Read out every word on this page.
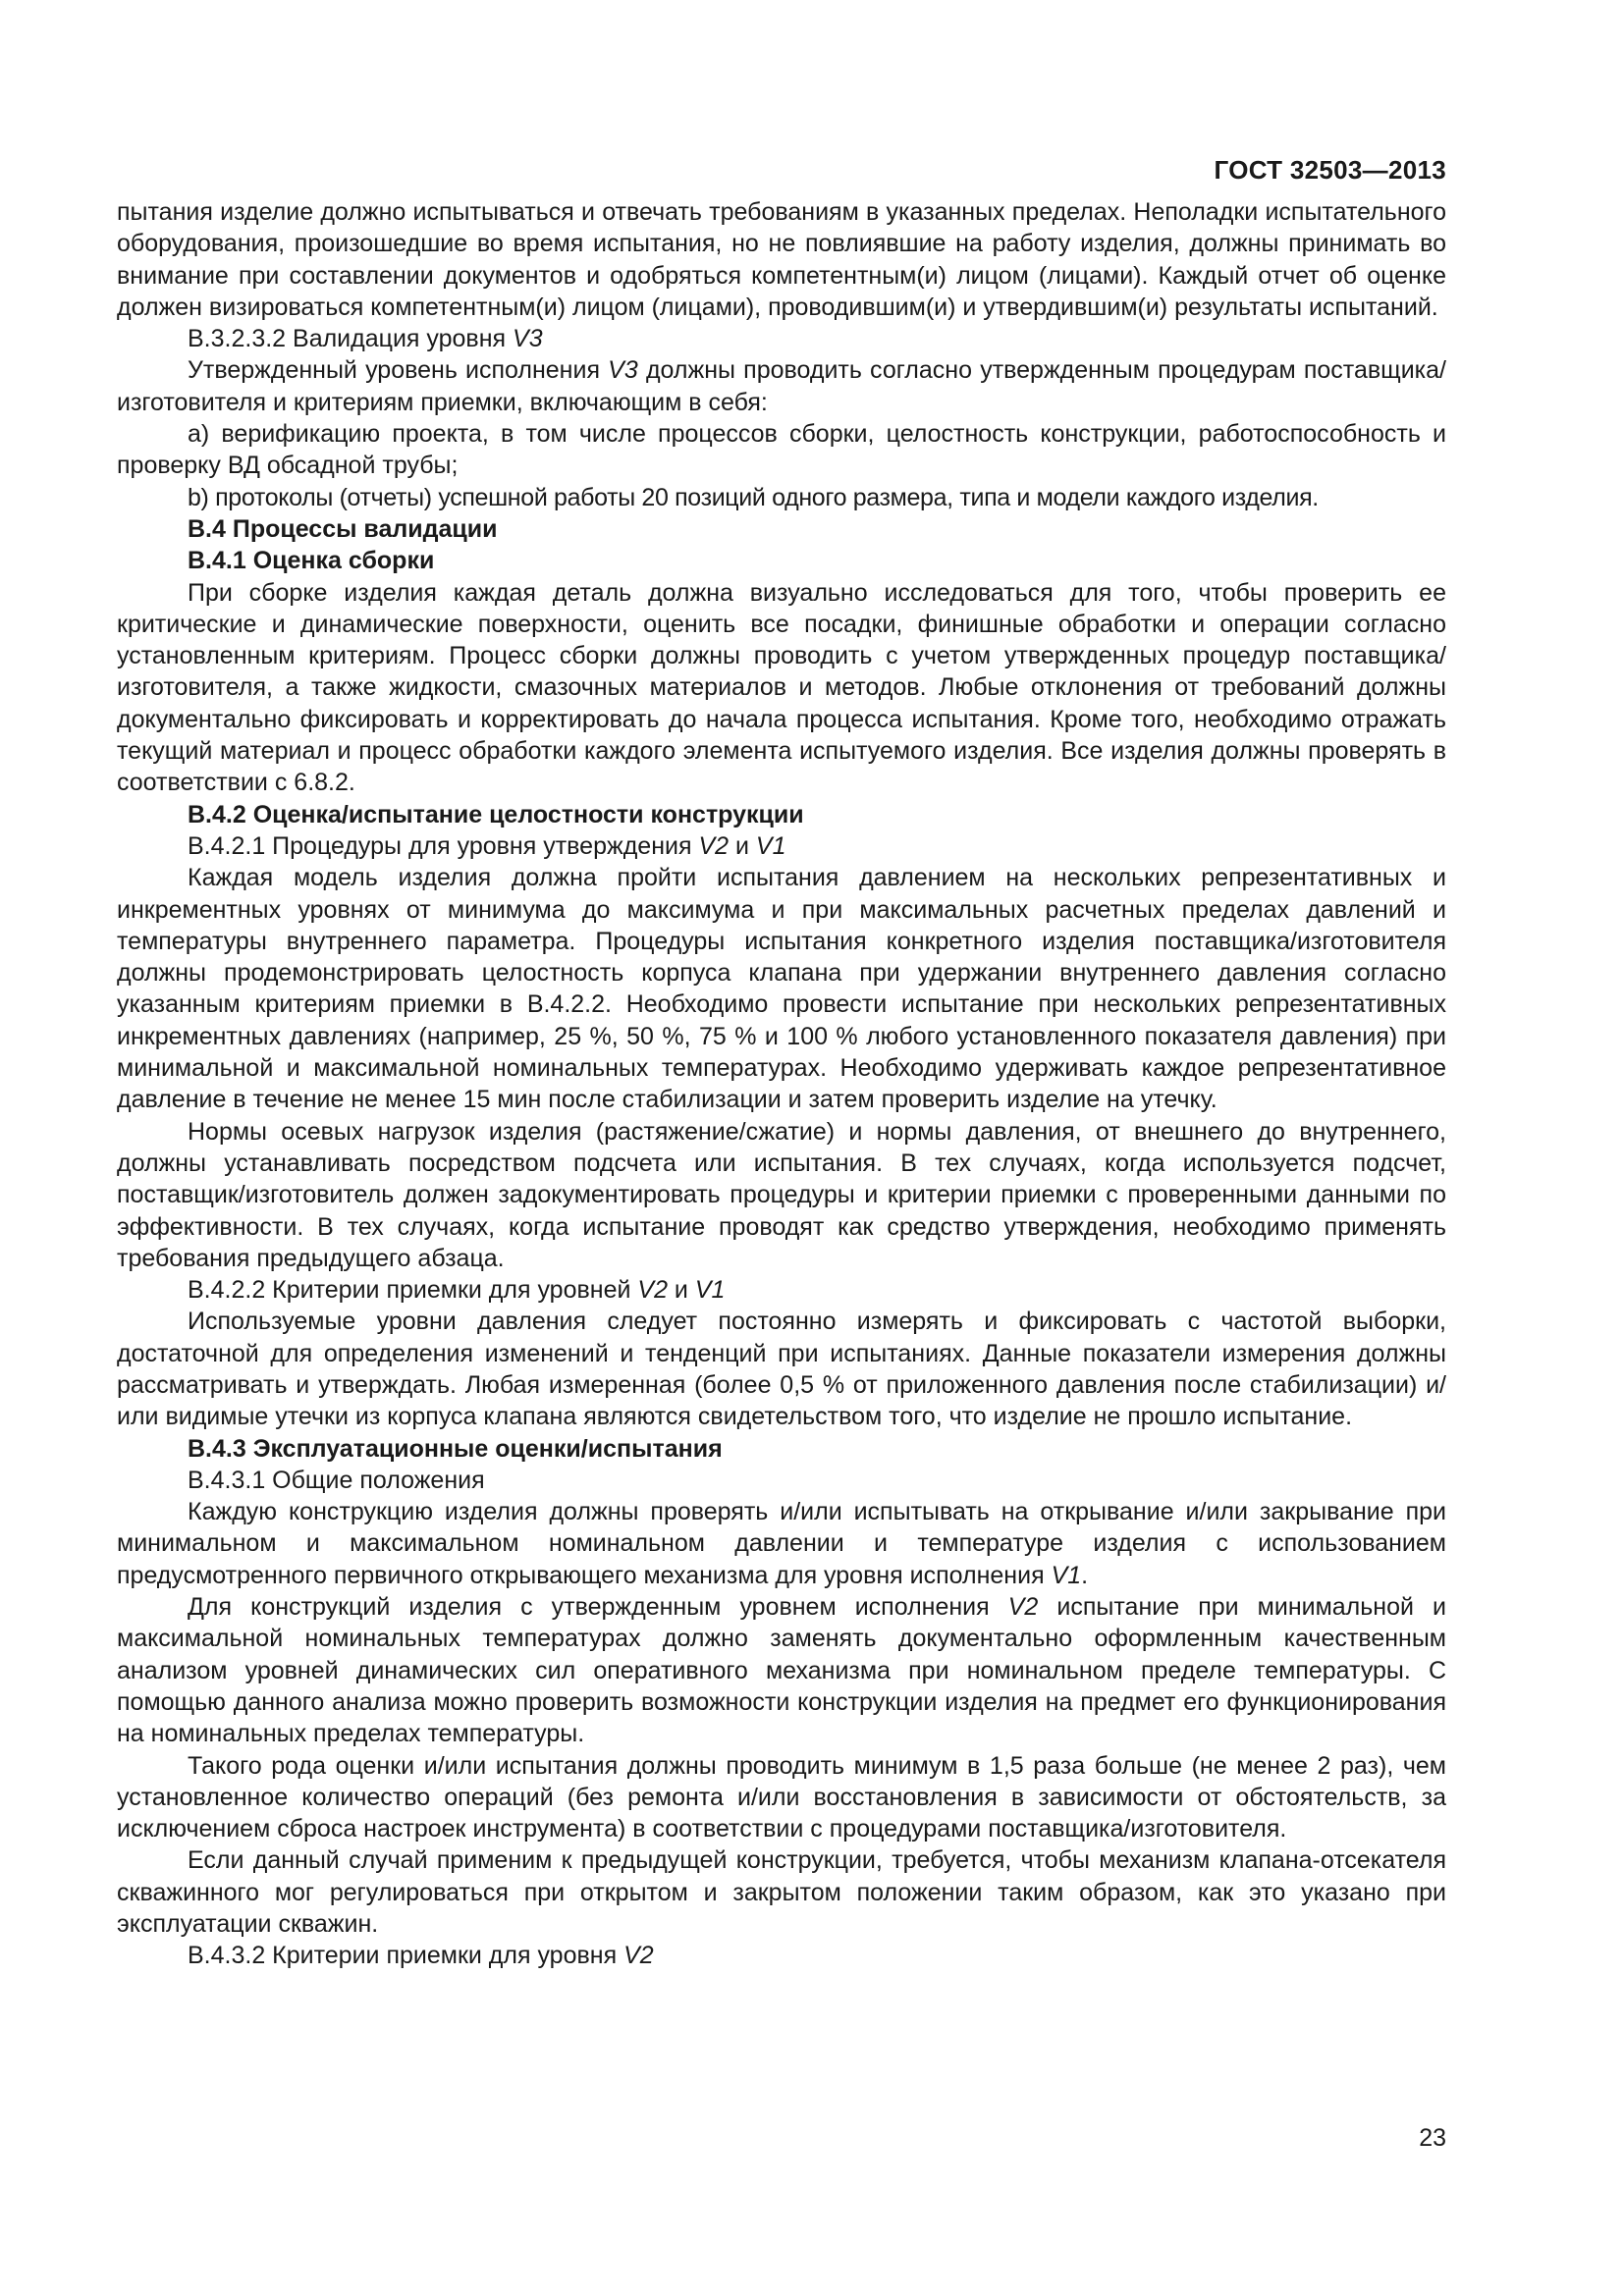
ГОСТ 32503—2013

пытания изделие должно испытываться и отвечать требованиям в указанных пределах. Неполадки испытательного оборудования, произошедшие во время испытания, но не повлиявшие на работу изделия, должны принимать во внимание при составлении документов и одобряться компетентным(и) лицом (лицами). Каждый отчет об оценке должен визироваться компетентным(и) лицом (лицами), проводившим(и) и утвердившим(и) результаты испытаний.

В.3.2.3.2 Валидация уровня V3

Утвержденный уровень исполнения V3 должны проводить согласно утвержденным процедурам поставщика/изготовителя и критериям приемки, включающим в себя:

а) верификацию проекта, в том числе процессов сборки, целостность конструкции, работоспособность и проверку ВД обсадной трубы;

b) протоколы (отчеты) успешной работы 20 позиций одного размера, типа и модели каждого изделия.

В.4 Процессы валидации

В.4.1 Оценка сборки

При сборке изделия каждая деталь должна визуально исследоваться для того, чтобы проверить ее критические и динамические поверхности, оценить все посадки, финишные обработки и операции согласно установленным критериям. Процесс сборки должны проводить с учетом утвержденных процедур поставщика/изготовителя, а также жидкости, смазочных материалов и методов. Любые отклонения от требований должны документально фиксировать и корректировать до начала процесса испытания. Кроме того, необходимо отражать текущий материал и процесс обработки каждого элемента испытуемого изделия. Все изделия должны проверять в соответствии с 6.8.2.

В.4.2 Оценка/испытание целостности конструкции

В.4.2.1 Процедуры для уровня утверждения V2 и V1

Каждая модель изделия должна пройти испытания давлением на нескольких репрезентативных и инкрементных уровнях от минимума до максимума и при максимальных расчетных пределах давлений и температуры внутреннего параметра. Процедуры испытания конкретного изделия поставщика/изготовителя должны продемонстрировать целостность корпуса клапана при удержании внутреннего давления согласно указанным критериям приемки в В.4.2.2. Необходимо провести испытание при нескольких репрезентативных инкрементных давлениях (например, 25 %, 50 %, 75 % и 100 % любого установленного показателя давления) при минимальной и максимальной номинальных температурах. Необходимо удерживать каждое репрезентативное давление в течение не менее 15 мин после стабилизации и затем проверить изделие на утечку.

Нормы осевых нагрузок изделия (растяжение/сжатие) и нормы давления, от внешнего до внутреннего, должны устанавливать посредством подсчета или испытания. В тех случаях, когда используется подсчет, поставщик/изготовитель должен задокументировать процедуры и критерии приемки с проверенными данными по эффективности. В тех случаях, когда испытание проводят как средство утверждения, необходимо применять требования предыдущего абзаца.

В.4.2.2 Критерии приемки для уровней V2 и V1

Используемые уровни давления следует постоянно измерять и фиксировать с частотой выборки, достаточной для определения изменений и тенденций при испытаниях. Данные показатели измерения должны рассматривать и утверждать. Любая измеренная (более 0,5 % от приложенного давления после стабилизации) и/или видимые утечки из корпуса клапана являются свидетельством того, что изделие не прошло испытание.

В.4.3 Эксплуатационные оценки/испытания

В.4.3.1 Общие положения

Каждую конструкцию изделия должны проверять и/или испытывать на открывание и/или закрывание при минимальном и максимальном номинальном давлении и температуре изделия с использованием предусмотренного первичного открывающего механизма для уровня исполнения V1.

Для конструкций изделия с утвержденным уровнем исполнения V2 испытание при минимальной и максимальной номинальных температурах должно заменять документально оформленным качественным анализом уровней динамических сил оперативного механизма при номинальном пределе температуры. С помощью данного анализа можно проверить возможности конструкции изделия на предмет его функционирования на номинальных пределах температуры.

Такого рода оценки и/или испытания должны проводить минимум в 1,5 раза больше (не менее 2 раз), чем установленное количество операций (без ремонта и/или восстановления в зависимости от обстоятельств, за исключением сброса настроек инструмента) в соответствии с процедурами поставщика/изготовителя.

Если данный случай применим к предыдущей конструкции, требуется, чтобы механизм клапана-отсекателя скважинного мог регулироваться при открытом и закрытом положении таким образом, как это указано при эксплуатации скважин.

В.4.3.2 Критерии приемки для уровня V2

23
